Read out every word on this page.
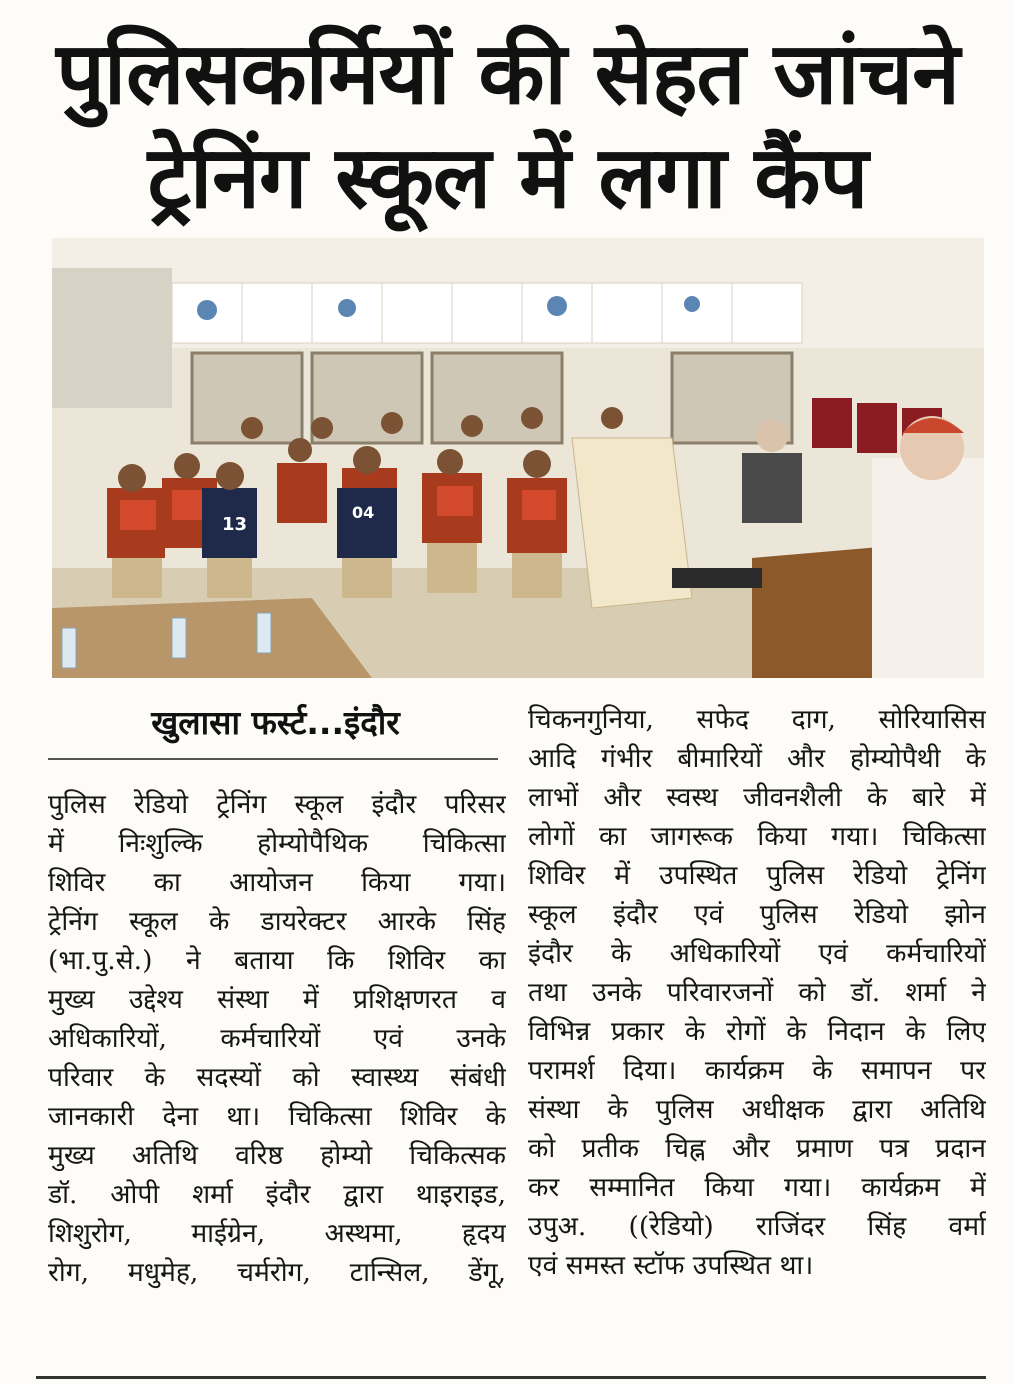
पुलिसकर्मियों की सेहत जांचने
ट्रेनिंग स्कूल में लगा कैंप
13
04
खुलासा फर्स्ट...इंदौर
पुलिस रेडियो ट्रेनिंग स्कूल इंदौर परिसर
में निःशुल्कि होम्योपैथिक चिकित्सा
शिविर का आयोजन किया गया।
ट्रेनिंग स्कूल के डायरेक्टर आरके सिंह
(भा.पु.से.) ने बताया कि शिविर का
मुख्य उद्देश्य संस्था में प्रशिक्षणरत व
अधिकारियों, कर्मचारियों एवं उनके
परिवार के सदस्यों को स्वास्थ्य संबंधी
जानकारी देना था। चिकित्सा शिविर के
मुख्य अतिथि वरिष्ठ होम्यो चिकित्सक
डॉ. ओपी शर्मा इंदौर द्वारा थाइराइड,
शिशुरोग, माईग्रेन, अस्थमा, हृदय
रोग, मधुमेह, चर्मरोग, टान्सिल, डेंगू,
चिकनगुनिया, सफेद दाग, सोरियासिस
आदि गंभीर बीमारियों और होम्योपैथी के
लाभों और स्वस्थ जीवनशैली के बारे में
लोगों का जागरूक किया गया। चिकित्सा
शिविर में उपस्थित पुलिस रेडियो ट्रेनिंग
स्कूल इंदौर एवं पुलिस रेडियो झोन
इंदौर के अधिकारियों एवं कर्मचारियों
तथा उनके परिवारजनों को डॉ. शर्मा ने
विभिन्न प्रकार के रोगों के निदान के लिए
परामर्श दिया। कार्यक्रम के समापन पर
संस्था के पुलिस अधीक्षक द्वारा अतिथि
को प्रतीक चिह्न और प्रमाण पत्र प्रदान
कर सम्मानित किया गया। कार्यक्रम में
उपुअ. ((रेडियो) राजिंदर सिंह वर्मा
एवं समस्त स्टॉफ उपस्थित था।
